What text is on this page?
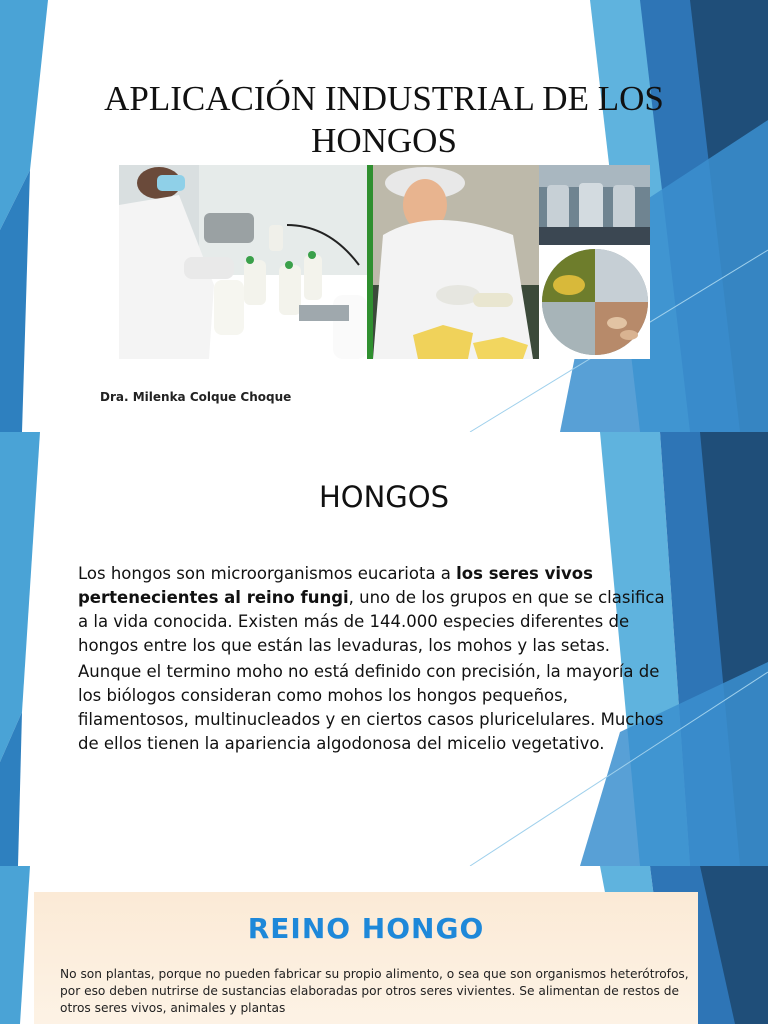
APLICACIÓN INDUSTRIAL DE LOS HONGOS
Dra. Milenka Colque Choque
HONGOS

Los hongos son microorganismos eucariota a los seres vivos pertenecientes al reino fungi, uno de los grupos en que se clasifica a la vida conocida. Existen más de 144.000 especies diferentes de hongos entre los que están las levaduras, los mohos y las setas.

Aunque el termino moho no está definido con precisión, la mayoría de los biólogos consideran como mohos los hongos pequeños, filamentosos, multinucleados y en ciertos casos pluricelulares. Muchos de ellos tienen la apariencia algodonosa del micelio vegetativo.

REINO HONGO

No son plantas, porque no pueden fabricar su propio alimento, o sea que son organismos heterótrofos, por eso deben nutrirse de sustancias elaboradas por otros seres vivientes. Se alimentan de restos de otros seres vivos, animales y plantas
